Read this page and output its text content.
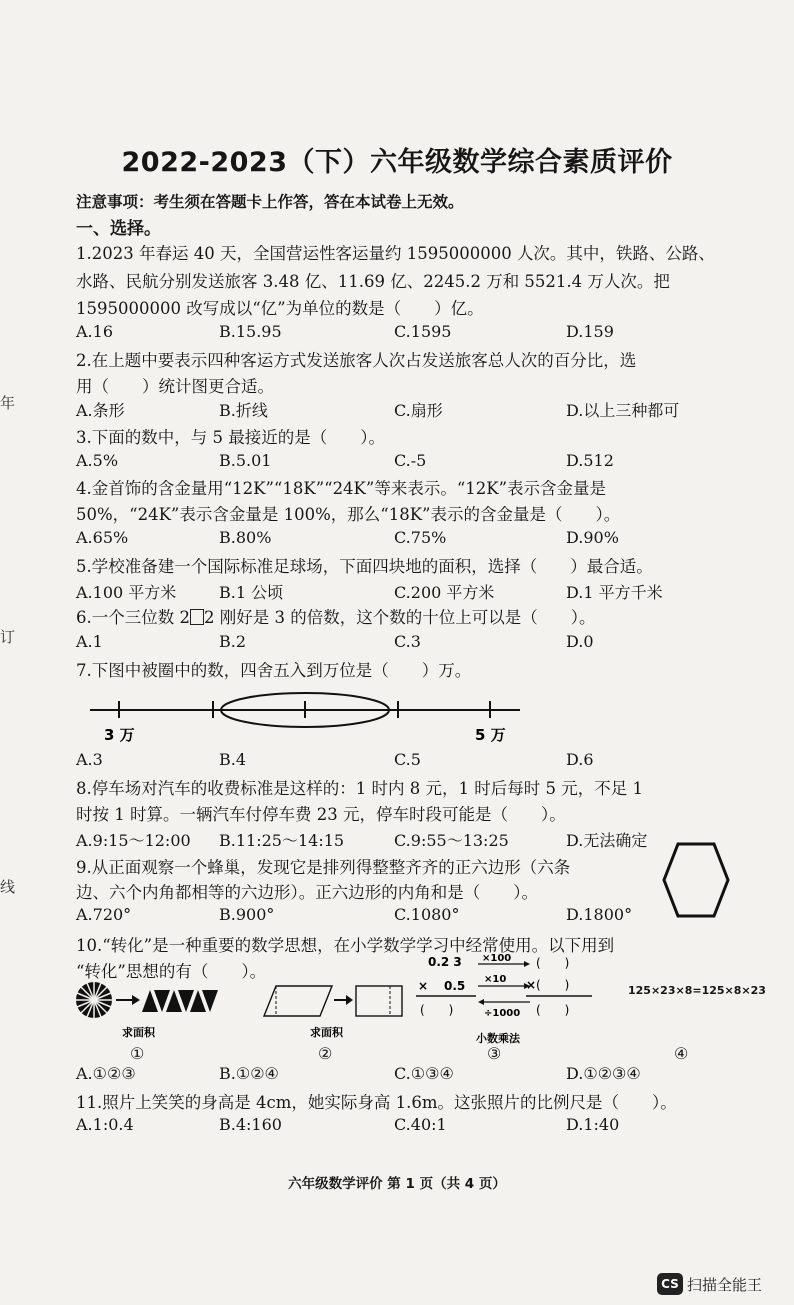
2022-2023（下）六年级数学综合素质评价
注意事项：考生须在答题卡上作答，答在本试卷上无效。
一、选择。
1.2023 年春运 40 天，全国营运性客运量约 1595000000 人次。其中，铁路、公路、
水路、民航分别发送旅客 3.48 亿、11.69 亿、2245.2 万和 5521.4 万人次。把
1595000000 改写成以“亿”为单位的数是（　　）亿。
A.16	B.15.95	C.1595	D.159
2.在上题中要表示四种客运方式发送旅客人次占发送旅客总人次的百分比，选
用（　　）统计图更合适。
A.条形	B.折线	C.扇形	D.以上三种都可
3.下面的数中，与 5 最接近的是（　　）。
A.5%	B.5.01	C.-5	D.512
4.金首饰的含金量用“12K”“18K”“24K”等来表示。“12K”表示含金量是
50%，“24K”表示含金量是 100%，那么“18K”表示的含金量是（　　）。
A.65%	B.80%	C.75%	D.90%
5.学校准备建一个国际标准足球场，下面四块地的面积，选择（　　）最合适。
A.100 平方米	B.1 公顷	C.200 平方米	D.1 平方千米
6.一个三位数 2 2 刚好是 3 的倍数，这个数的十位上可以是（　　）。
A.1	B.2	C.3	D.0
7.下图中被圈中的数，四舍五入到万位是（　　）万。
3 万	5 万
A.3	B.4	C.5	D.6
8.停车场对汽车的收费标准是这样的：1 时内 8 元，1 时后每时 5 元，不足 1
时按 1 时算。一辆汽车付停车费 23 元，停车时段可能是（　　）。
A.9:15～12:00 B.11:25～14:15	C.9:55～13:25	D.无法确定
9.从正面观察一个蜂巢，发现它是排列得整整齐齐的正六边形（六条
边、六个内角都相等的六边形）。正六边形的内角和是（　　）。
A.720°	B.900°	C.1080°	D.1800°
10.“转化”是一种重要的数学思想，在小学数学学习中经常使用。以下用到
“转化”思想的有（　　）。
求面积	求面积
0.2 3
× 0.5
(　　)
×100
×10
÷1000
(　　)
× (　　)
(　　)
小数乘法
125×23×8=125×8×23
①	②	③	④
A.①②③	B.①②④	C.①③④	D.①②③④
11.照片上笑笑的身高是 4cm，她实际身高 1.6m。这张照片的比例尺是（　　）。
A.1:0.4	B.4:160	C.40:1	D.1:40
六年级数学评价 第 1 页（共 4 页）
年
订
线
CS 扫描全能王
